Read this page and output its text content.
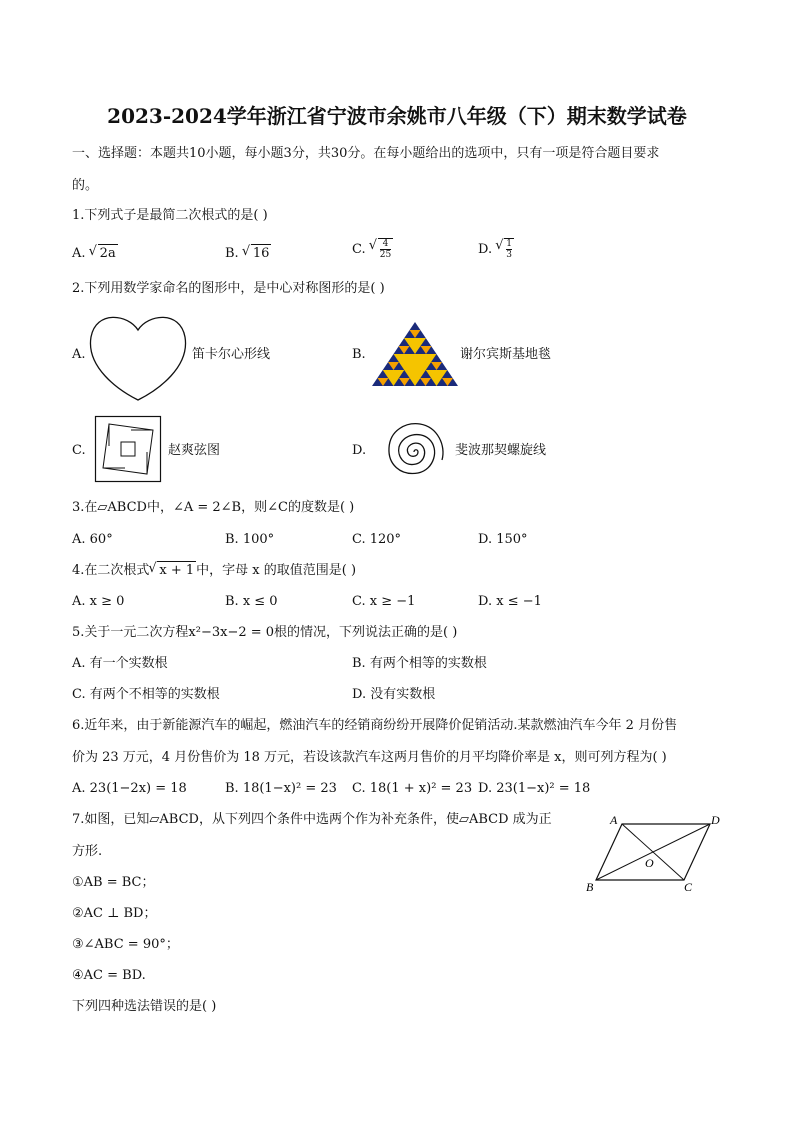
2023-2024学年浙江省宁波市余姚市八年级（下）期末数学试卷
一、选择题：本题共10小题，每小题3分，共30分。在每小题给出的选项中，只有一项是符合题目要求
的。
1.下列式子是最简二次根式的是( )
A. √ 2a	B. √ 16	C. √ $\frac{4}{25}$	D. √ $\frac{1}{3}$
2.下列用数学家命名的图形中，是中心对称图形的是( )
A.	笛卡尔心形线	B.	谢尔宾斯基地毯
C.	赵爽弦图	D.	斐波那契螺旋线
3.在▱ABCD中，∠A = 2∠B，则∠C的度数是( )
A. 60°	B. 100°	C. 120°	D. 150°
4.在二次根式 √ x + 1 中，字母 x 的取值范围是( )
A. x ≥ 0	B. x ≤ 0	C. x ≥ −1	D. x ≤ −1
5.关于一元二次方程x²−3x−2 = 0根的情况，下列说法正确的是( )
A. 有一个实数根	B. 有两个相等的实数根
C. 有两个不相等的实数根	D. 没有实数根
6.近年来，由于新能源汽车的崛起，燃油汽车的经销商纷纷开展降价促销活动.某款燃油汽车今年 2 月份售
价为 23 万元，4 月份售价为 18 万元，若设该款汽车这两月售价的月平均降价率是 x，则可列方程为( )
A. 23(1−2x) = 18	B. 18(1−x)² = 23 C. 18(1 + x)² = 23 D. 23(1−x)² = 18
7.如图，已知▱ABCD，从下列四个条件中选两个作为补充条件，使▱ABCD 成为正
方形.
①AB = BC；
②AC ⊥ BD；
③∠ABC = 90°；
④AC = BD.
下列四种选法错误的是( )
A	D
B	C
O
